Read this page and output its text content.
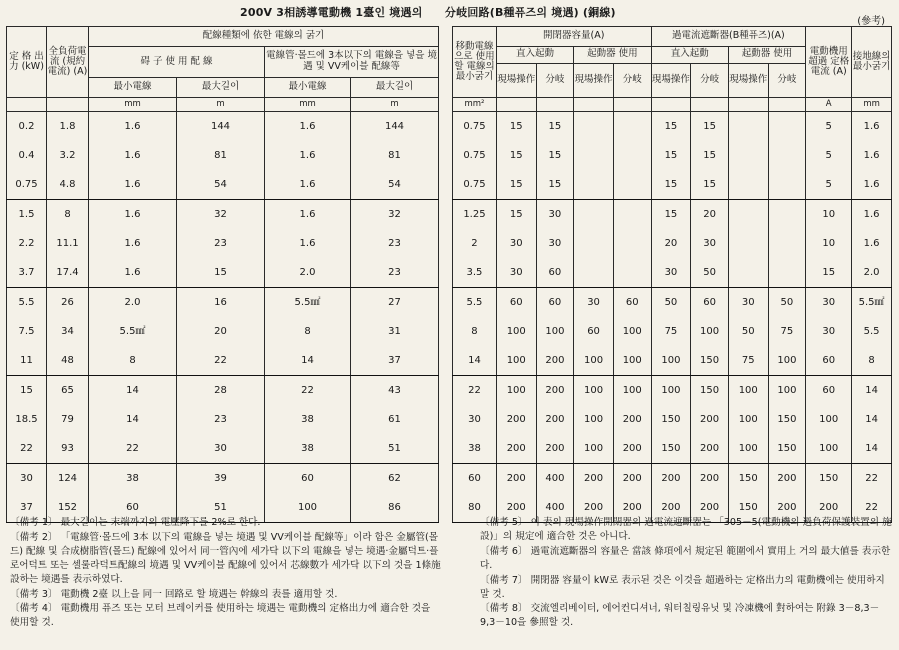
200V 3相誘導電動機 1臺인 境遇의　　分岐回路(B種퓨즈의 境遇) (銅線)
(參考)
定 格 出 力 (kW)	全負荷電流 (規約電流) (A)	配線種類에 依한 電線의 굵기			
		碍 子 使 用 配 線		電線管·몰드에 3本以下의 電線을 넣을 境遇 및 VV케이블 配線等	
		最小電線	最大길이	最小電線	最大길이
		mm	m	mm	m
0.2	1.8	1.6	144	1.6	144
0.4	3.2	1.6	81	1.6	81
0.75	4.8	1.6	54	1.6	54
1.5	8	1.6	32	1.6	32
2.2	11.1	1.6	23	1.6	23
3.7	17.4	1.6	15	2.0	23
5.5	26	2.0	16	5.5㎟	27
7.5	34	5.5㎟	20	8	31
11	48	8	22	14	37
15	65	14	28	22	43
18.5	79	14	23	38	61
22	93	22	30	38	51
30	124	38	39	60	62
37	152	60	51	100	86
移動電線으로 使用할 電線의 最小굵기	開閉器容量(A)				過電流遮斷器(B種퓨즈)(A)				電動機用超過 定格電流 (A)	接地線의 最小굵기
	直入起動		起動器 使用		直入起動		起動器 使用			
	現場操作	分岐	現場操作	分岐	現場操作	分岐	現場操作	分岐		
mm²									A	mm
0.75	15	15			15	15			5	1.6
0.75	15	15			15	15			5	1.6
0.75	15	15			15	15			5	1.6
1.25	15	30			15	20			10	1.6
2	30	30			20	30			10	1.6
3.5	30	60			30	50			15	2.0
5.5	60	60	30	60	50	60	30	50	30	5.5㎟
8	100	100	60	100	75	100	50	75	30	5.5
14	100	200	100	100	100	150	75	100	60	8
22	100	200	100	100	100	150	100	100	60	14
30	200	200	100	200	150	200	100	150	100	14
38	200	200	100	200	150	200	100	150	100	14
60	200	400	200	200	200	200	150	200	150	22
80	200	400	200	200	200	200	150	200	200	22
〔備考 1〕 最大길이는 末端까지의 電壓降下를 2%로 한다.
〔備考 2〕 「電線管·몰드에 3本 以下의 電線을 넣는 境遇 및 VV케이블 配線等」이라 함은 金屬管(몰드) 配線 및 合成樹脂管(몰드) 配線에 있어서 同一管內에 세가닥 以下의 電線을 넣는 境遇·金屬덕트·플로어덕트 또는 셀룰라덕트配線의 境遇 및 VV케이블 配線에 있어서 芯線數가 세가닥 以下의 것을 1條施設하는 境遇를 表示하였다.
〔備考 3〕 電動機 2臺 以上을 同一 回路로 할 境遇는 幹線의 表를 適用할 것.
〔備考 4〕 電動機用 퓨즈 또는 모터 브레이커를 使用하는 境遇는 電動機의 定格出力에 適合한 것을 使用할 것.
〔備考 5〕 이 表의 現場操作開閉器의 過電流遮斷器는 「305－5(電動機의 過負荷保護裝置의 施設)」의 規定에 適合한 것은 아니다.
〔備考 6〕 過電流遮斷器의 容量은 當該 條項에서 規定된 範圍에서 實用上 거의 最大値를 表示한다.
〔備考 7〕 開閉器 容量이 kW로 表示된 것은 이것을 超過하는 定格出力의 電動機에는 使用하지 말 것.
〔備考 8〕 交流엘리베이터, 에어컨디셔너, 워터칠링유닛 및 冷凍機에 對하여는 附錄 3－8,3－9,3－10을 參照할 것.
